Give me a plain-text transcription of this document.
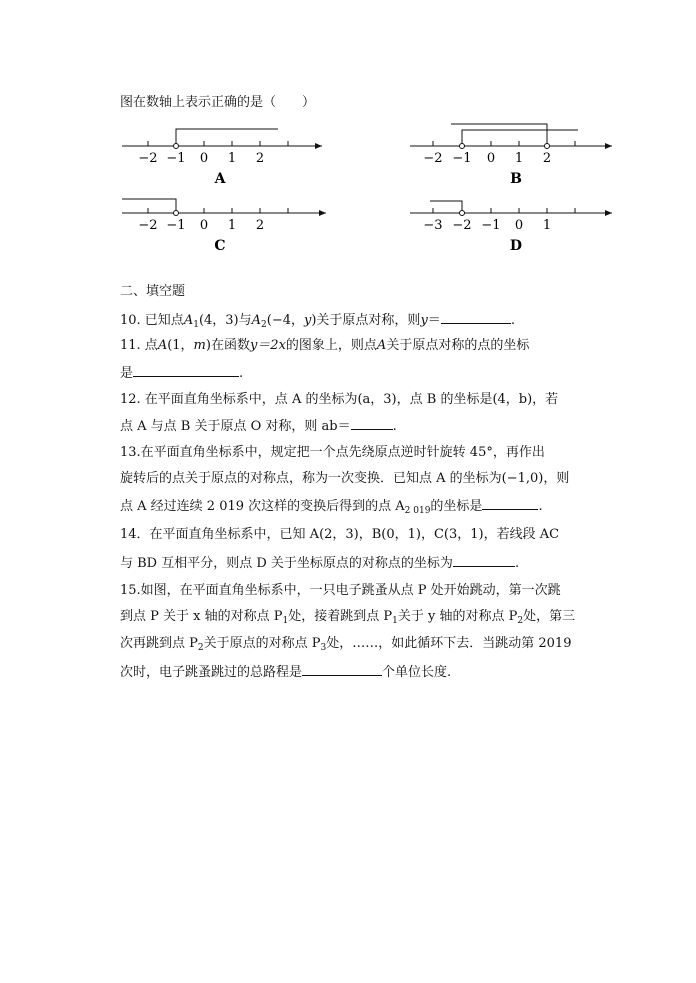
图在数轴上表示正确的是（　　）
−2 −1 0 1 2
A
−2 −1 0 1 2
B
−2 −1 0 1 2
C
−3 −2 −1 0 1
D
二、填空题
10. 已知点$A_1(4$，3)与$A_2(-4$，y)关于原点对称，则y＝	.
11. 点A(1，m)在函数y＝2x的图象上，则点A关于原点对称的点的坐标
是	.
12. 在平面直角坐标系中，点 A 的坐标为(a，3)，点 B 的坐标是(4，b)，若
点 A 与点 B 关于原点 O 对称，则 ab＝	.
13.在平面直角坐标系中，规定把一个点先绕原点逆时针旋转 45°，再作出
旋转后的点关于原点的对称点，称为一次变换．已知点 A 的坐标为(−1,0)，则
点 A 经过连续 2 019 次这样的变换后得到的点 $A_{2 019}$的坐标是	.
14．在平面直角坐标系中，已知 A(2，3)，B(0，1)，C(3，1)，若线段 AC
与 BD 互相平分，则点 D 关于坐标原点的对称点的坐标为	.
15.如图，在平面直角坐标系中，一只电子跳蚤从点 P 处开始跳动，第一次跳
到点 P 关于 x 轴的对称点 $P_1$处，接着跳到点 $P_1$关于 y 轴的对称点 $P_2$处，第三
次再跳到点 $P_2$关于原点的对称点 $P_3$处，……，如此循环下去．当跳动第 2019
次时，电子跳蚤跳过的总路程是	个单位长度.
